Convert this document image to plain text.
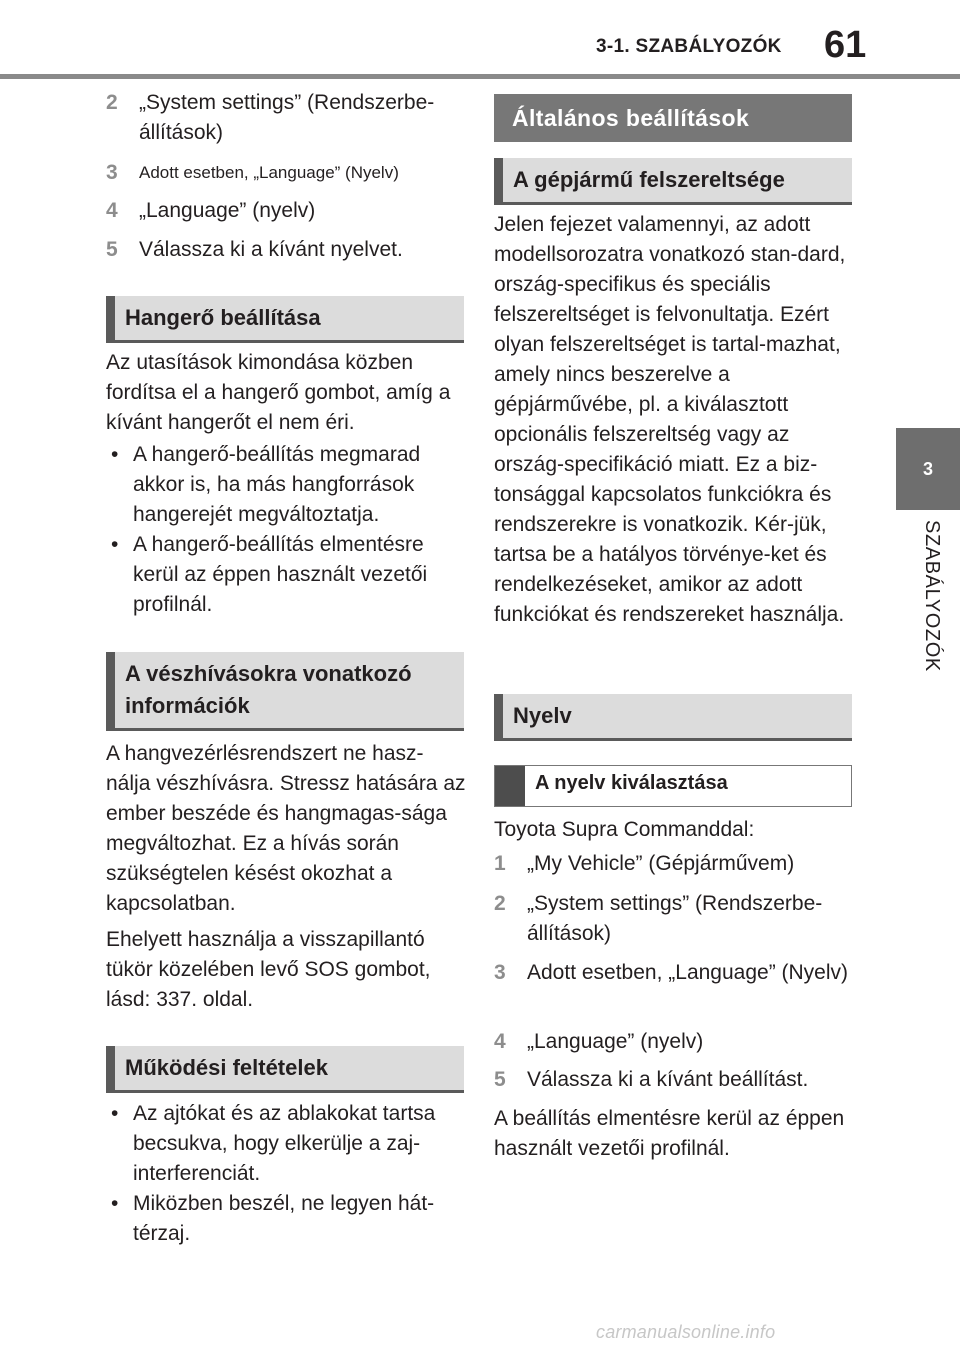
3-1. SZABÁLYOZÓK	61
3
SZABÁLYOZÓK
2 „System settings” (Rendszerbe-állítások)
3 Adott esetben, „Language” (Nyelv)
4 „Language” (nyelv)
5 Válassza ki a kívánt nyelvet.
Hangerő beállítása

Az utasítások kimondása közben fordítsa el a hangerő gombot, amíg a kívánt hangerőt el nem éri.

• A hangerő-beállítás megmarad akkor is, ha más hangforrások hangerejét megváltoztatja.
• A hangerő-beállítás elmentésre kerül az éppen használt vezetői profilnál.
A vészhívásokra vonatkozó információk

A hangvezérlésrendszert ne hasz-nálja vészhívásra. Stressz hatására az ember beszéde és hangmagas-sága megváltozhat. Ez a hívás során szükségtelen késést okozhat a kapcsolatban.

Ehelyett használja a visszapillantó tükör közelében levő SOS gombot, lásd: 337. oldal.

Működési feltételek
• Az ajtókat és az ablakokat tartsa becsukva, hogy elkerülje a zaj-interferenciát.
• Miközben beszél, ne legyen hát-térzaj.
Általános beállítások
A gépjármű felszereltsége

Jelen fejezet valamennyi, az adott modellsorozatra vonatkozó stan-dard, ország-specifikus és speciális felszereltséget is felvonultatja. Ezért olyan felszereltséget is tartal-mazhat, amely nincs beszerelve a gépjárművébe, pl. a kiválasztott opcionális felszereltség vagy az ország-specifikáció miatt. Ez a biz-tonsággal kapcsolatos funkciókra és rendszerekre is vonatkozik. Kér-jük, tartsa be a hatályos törvénye-ket és rendelkezéseket, amikor az adott funkciókat és rendszereket használja.

Nyelv
A nyelv kiválasztása

Toyota Supra Commanddal:

1 „My Vehicle” (Gépjárművem)
2 „System settings” (Rendszerbe-állítások)
3 Adott esetben, „Language” (Nyelv)
4 „Language” (nyelv)
5 Válassza ki a kívánt beállítást.

A beállítás elmentésre kerül az éppen használt vezetői profilnál.

carmanualsonline.info
